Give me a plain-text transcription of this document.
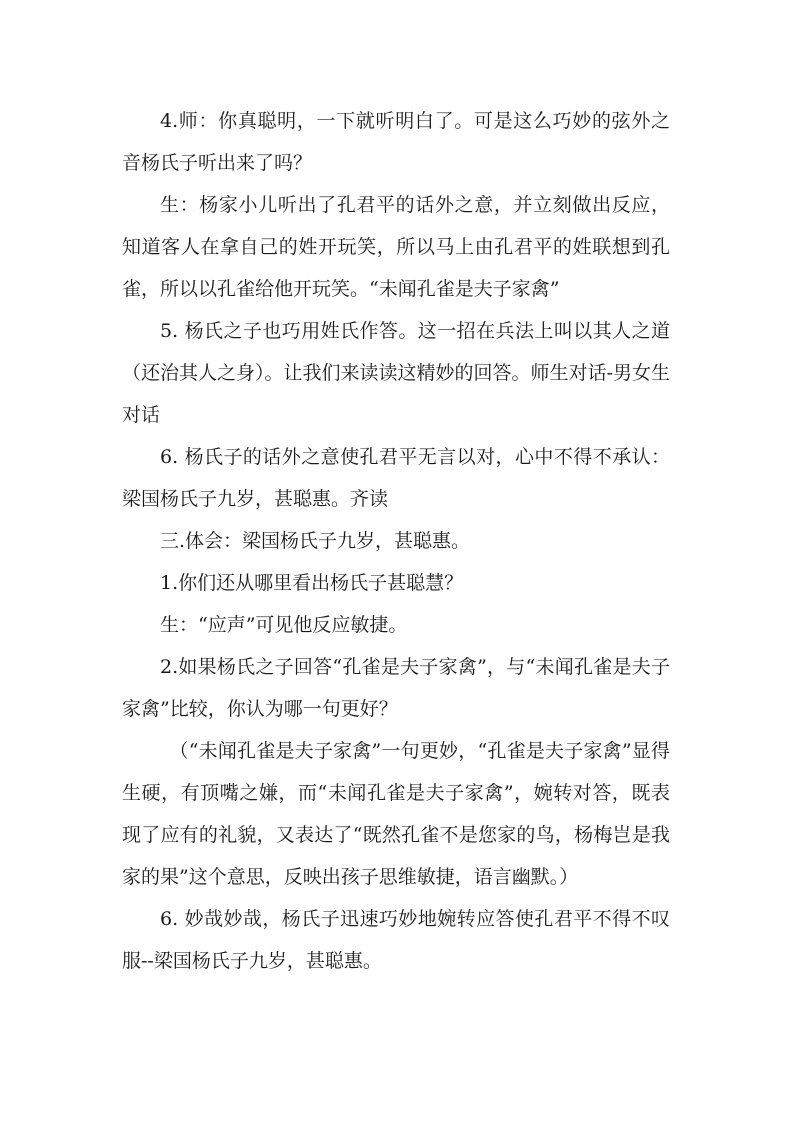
4.师：你真聪明，一下就听明白了。可是这么巧妙的弦外之音杨氏子听出来了吗？

生：杨家小儿听出了孔君平的话外之意，并立刻做出反应，知道客人在拿自己的姓开玩笑，所以马上由孔君平的姓联想到孔雀，所以以孔雀给他开玩笑。“未闻孔雀是夫子家禽”

5. 杨氏之子也巧用姓氏作答。这一招在兵法上叫以其人之道（还治其人之身）。让我们来读读这精妙的回答。师生对话-男女生对话

6. 杨氏子的话外之意使孔君平无言以对，心中不得不承认：梁国杨氏子九岁，甚聪惠。齐读

三.体会：梁国杨氏子九岁，甚聪惠。

1.你们还从哪里看出杨氏子甚聪慧？

生：“应声”可见他反应敏捷。

2.如果杨氏之子回答“孔雀是夫子家禽”，与“未闻孔雀是夫子家禽”比较，你认为哪一句更好？

（“未闻孔雀是夫子家禽”一句更妙，“孔雀是夫子家禽”显得生硬，有顶嘴之嫌，而“未闻孔雀是夫子家禽”，婉转对答，既表现了应有的礼貌，又表达了“既然孔雀不是您家的鸟，杨梅岂是我家的果”这个意思，反映出孩子思维敏捷，语言幽默。）

6. 妙哉妙哉，杨氏子迅速巧妙地婉转应答使孔君平不得不叹服--梁国杨氏子九岁，甚聪惠。
